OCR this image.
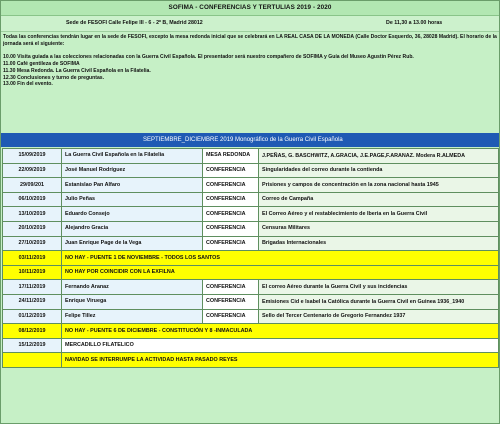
SOFIMA - CONFERENCIAS Y TERTULIAS 2019 - 2020
Sede de FESOFI Calle Felipe III - 6 - 2º B, Madrid 28012	De 11,30 a 13.00 horas
Todas las conferencias tendrán lugar en la sede de FESOFI, excepto la mesa redonda inicial que se celebrará en LA REAL CASA DE LA MONEDA (Calle Doctor Esquerdo, 36, 28028 Madrid). El horario de la jornada será el siguiente:
10.00 Visita guiada a las colecciones relacionadas con la Guerra Civil Española. El presentador será nuestro compañero de SOFIMA y Guía del Museo Agustín Pérez Rub.
11.00 Café gentileza de SOFIMA
11.30 Mesa Redonda. La Guerra Civil Española en la Filatelia.
12.30 Conclusiones y turno de preguntas.
13.00 Fin del evento.
SEPTIEMBRE_DICIEMBRE 2019 Monográfico de la Guerra Civil Española
15/09/2019	La Guerra Civil Española en la Filatelia	MESA REDONDA	J.PEÑAS, G. BASCHWITZ, A.GRACIA, J.E.PAGE,F.ARANAZ. Modera R.ALMEDA
22/09/2019	José Manuel Rodríguez	CONFERENCIA	Singularidades del correo durante la contienda
29/09/201	Estanislao Pan Alfaro	CONFERENCIA	Prisiones y campos de concentración en la zona nacional hasta 1945
06/10/2019	Julio Peñas	CONFERENCIA	Correo de Campaña
13/10/2019	Eduardo Consejo	CONFERENCIA	El Correo Aéreo y el restablecimiento de Iberia en la Guerra Civil
20/10/2019	Alejandro Gracia	CONFERENCIA	Censuras Militares
27/10/2019	Juan Enrique Page de la Vega	CONFERENCIA	Brigadas Internacionales
03/11/2019	NO HAY - PUENTE 1 DE NOVIEMBRE - TODOS LOS SANTOS		
10/11/2019	NO HAY POR COINCIDIR CON LA EXFILNA		
17/11/2019	Fernando Aranaz	CONFERENCIA	El correo Aéreo durante la Guerra Civil y sus incidencias
24/11/2019	Enrique Viruega	CONFERENCIA	Emisiones Cid e Isabel la Católica durante la Guerra Civil en Guinea 1936_1940
01/12/2019	Felipe Tillez	CONFERENCIA	Sello del Tercer Centenario de Gregorio Fernandez 1937
08/12/2019	NO HAY - PUENTE 6 DE DICIEMBRE - CONSTITUCIÓN Y 8 -INMACULADA		
15/12/2019	MERCADILLO FILATELICO		
	NAVIDAD SE INTERRUMPE LA ACTIVIDAD HASTA PASADO REYES		
